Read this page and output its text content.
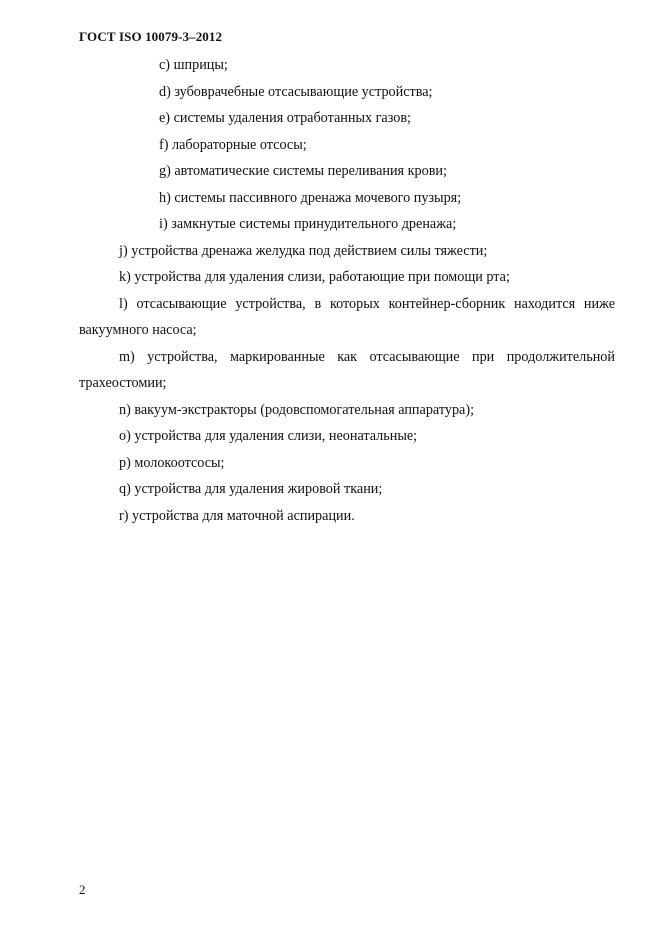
ГОСТ ISO 10079-3–2012

c) шприцы;

d) зубоврачебные отсасывающие устройства;

e) системы удаления отработанных газов;

f) лабораторные отсосы;

g) автоматические системы переливания крови;

h) системы пассивного дренажа мочевого пузыря;

i) замкнутые системы принудительного дренажа;

j) устройства дренажа желудка под действием силы тяжести;

k) устройства для удаления слизи, работающие при помощи рта;

l) отсасывающие устройства, в которых контейнер-сборник находится ниже вакуумного насоса;

m) устройства, маркированные как отсасывающие при продолжительной трахеостомии;

n) вакуум-экстракторы (родовспомогательная аппаратура);

o) устройства для удаления слизи, неонатальные;

p) молокоотсосы;

q) устройства для удаления жировой ткани;

r) устройства для маточной аспирации.

2
